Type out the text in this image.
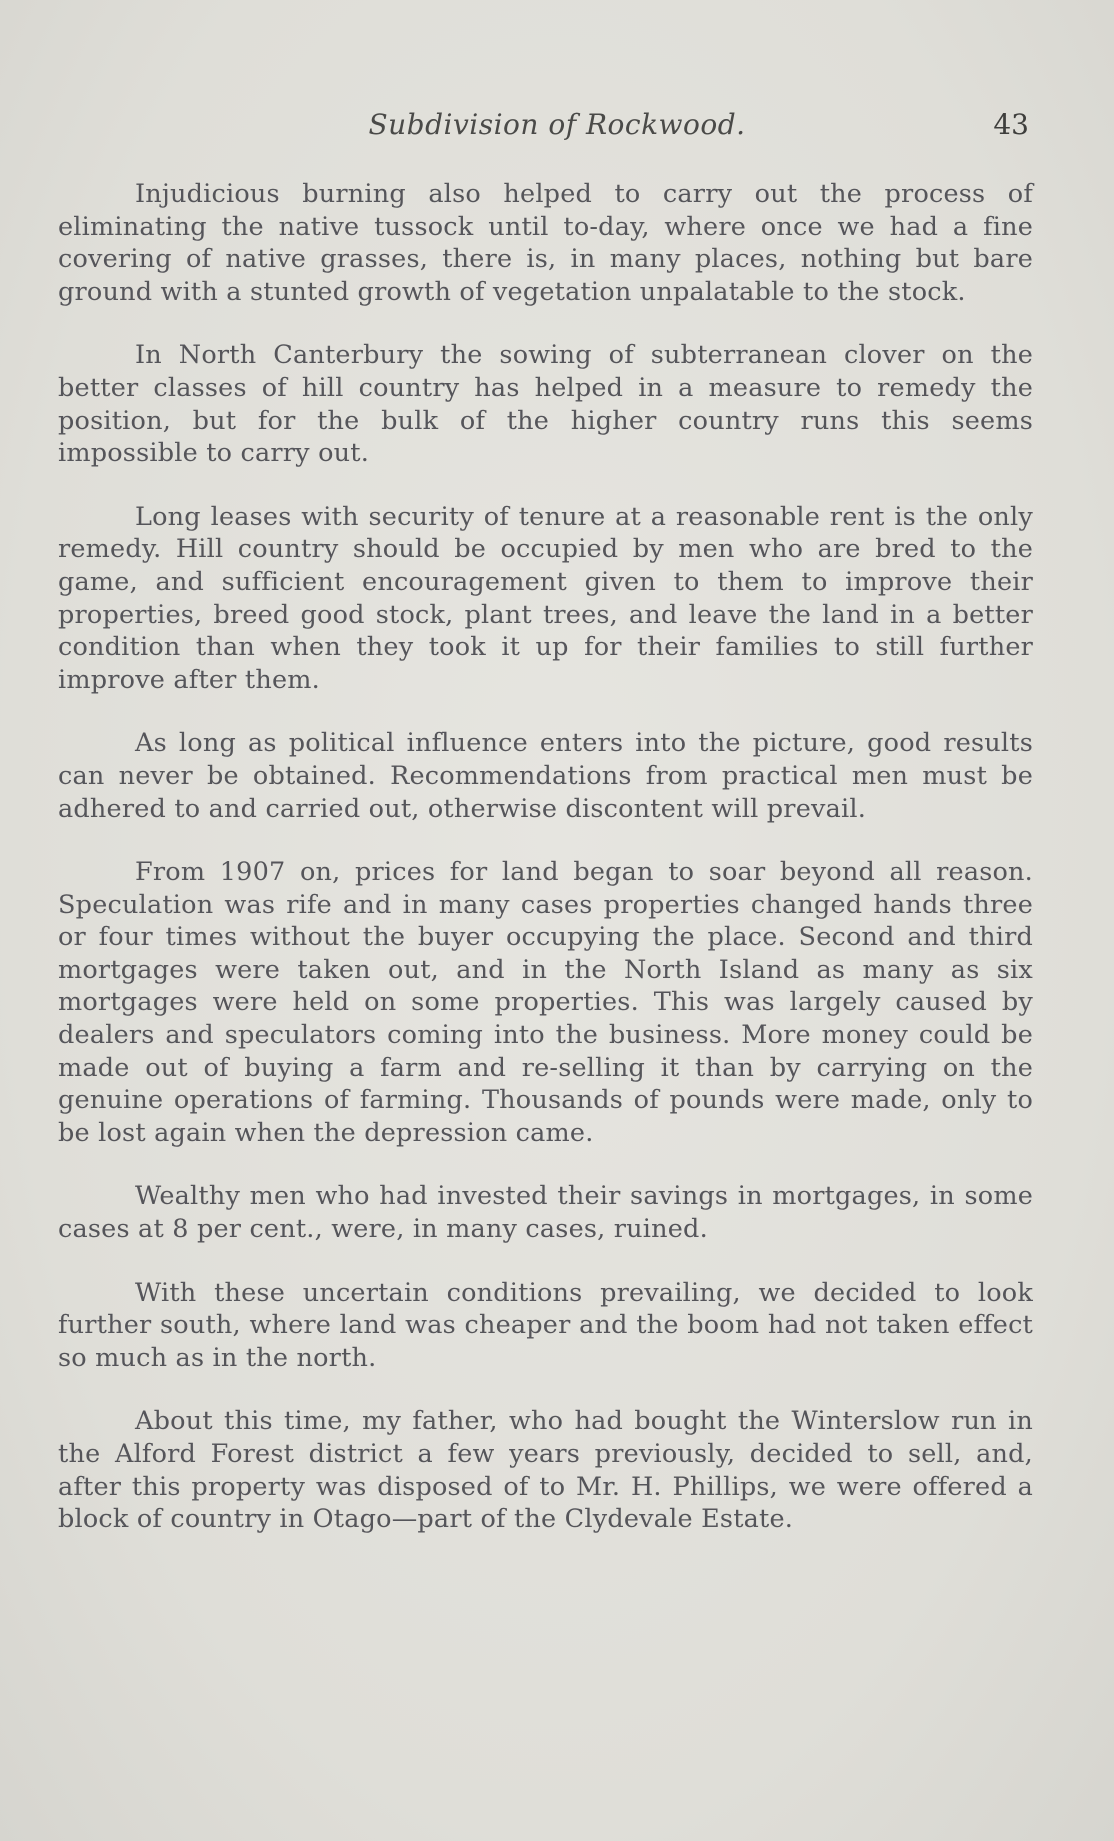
Subdivision of Rockwood.	43

Injudicious burning also helped to carry out the process of eliminating the native tussock until to-day, where once we had a fine covering of native grasses, there is, in many places, nothing but bare ground with a stunted growth of vegetation unpalatable to the stock.

In North Canterbury the sowing of subterranean clover on the better classes of hill country has helped in a measure to remedy the position, but for the bulk of the higher country runs this seems impossible to carry out.

Long leases with security of tenure at a reasonable rent is the only remedy. Hill country should be occupied by men who are bred to the game, and sufficient encouragement given to them to improve their properties, breed good stock, plant trees, and leave the land in a better condition than when they took it up for their families to still further improve after them.

As long as political influence enters into the picture, good results can never be obtained. Recommendations from practical men must be adhered to and carried out, otherwise discontent will prevail.

From 1907 on, prices for land began to soar beyond all reason. Speculation was rife and in many cases properties changed hands three or four times without the buyer occupying the place. Second and third mortgages were taken out, and in the North Island as many as six mortgages were held on some properties. This was largely caused by dealers and speculators coming into the business. More money could be made out of buying a farm and re-selling it than by carrying on the genuine operations of farming. Thousands of pounds were made, only to be lost again when the depression came.

Wealthy men who had invested their savings in mortgages, in some cases at 8 per cent., were, in many cases, ruined.

With these uncertain conditions prevailing, we decided to look further south, where land was cheaper and the boom had not taken effect so much as in the north.

About this time, my father, who had bought the Winterslow run in the Alford Forest district a few years previously, decided to sell, and, after this property was disposed of to Mr. H. Phillips, we were offered a block of country in Otago—part of the Clydevale Estate.
